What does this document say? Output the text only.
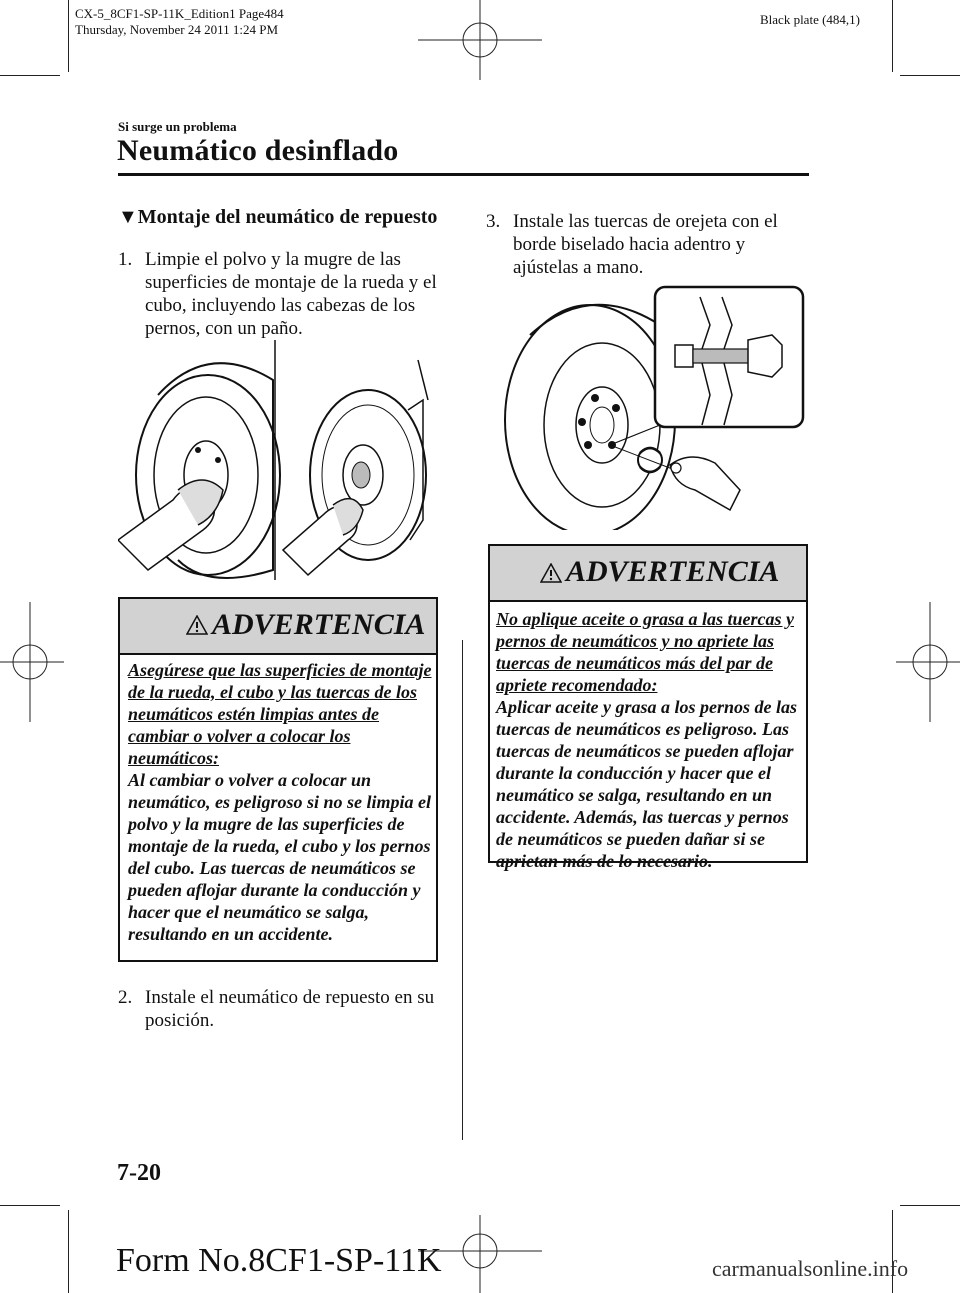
CX-5_8CF1-SP-11K_Edition1 Page484
Thursday, November 24 2011 1:24 PM
Black plate (484,1)
Si surge un problema
Neumático desinflado
▼Montaje del neumático de repuesto
1. Limpie el polvo y la mugre de las superficies de montaje de la rueda y el cubo, incluyendo las cabezas de los pernos, con un paño.
ADVERTENCIA
Asegúrese que las superficies de montaje de la rueda, el cubo y las tuercas de los neumáticos estén limpias antes de cambiar o volver a colocar los neumáticos:
Al cambiar o volver a colocar un neumático, es peligroso si no se limpia el polvo y la mugre de las superficies de montaje de la rueda, el cubo y los pernos del cubo. Las tuercas de neumáticos se pueden aflojar durante la conducción y hacer que el neumático se salga, resultando en un accidente.
2. Instale el neumático de repuesto en su posición.
3. Instale las tuercas de orejeta con el borde biselado hacia adentro y ajústelas a mano.
ADVERTENCIA
No aplique aceite o grasa a las tuercas y pernos de neumáticos y no apriete las tuercas de neumáticos más del par de apriete recomendado:
Aplicar aceite y grasa a los pernos de las tuercas de neumáticos es peligroso. Las tuercas de neumáticos se pueden aflojar durante la conducción y hacer que el neumático se salga, resultando en un accidente. Además, las tuercas y pernos de neumáticos se pueden dañar si se aprietan más de lo necesario.
7-20
Form No.8CF1-SP-11K	carmanualsonline.info
